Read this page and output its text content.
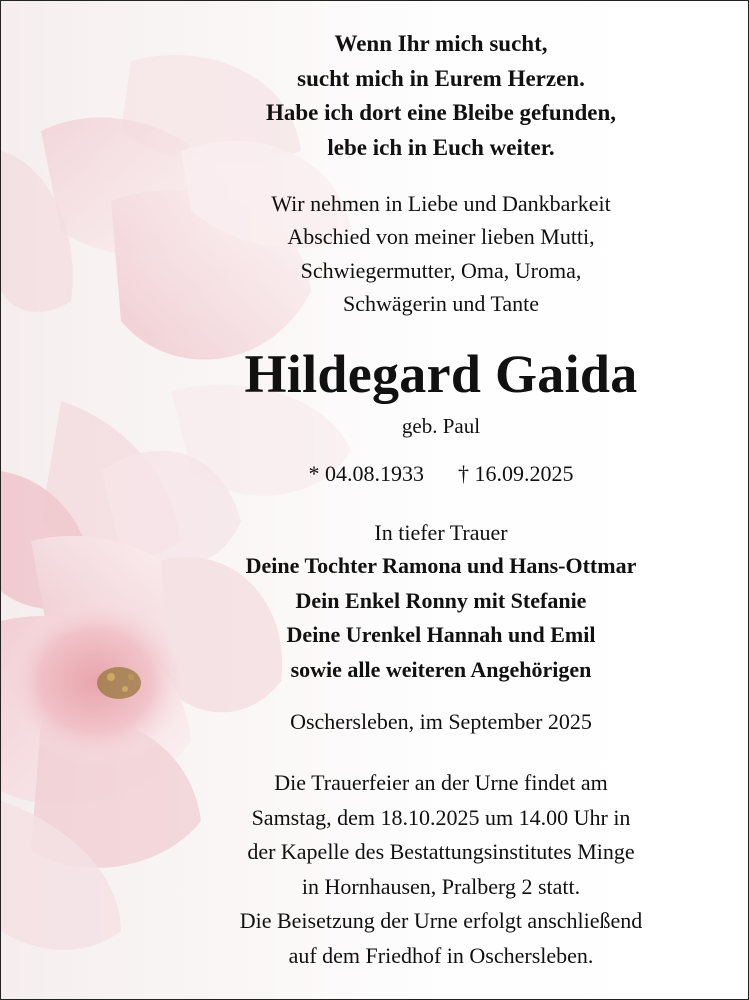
Wenn Ihr mich sucht,
sucht mich in Eurem Herzen.
Habe ich dort eine Bleibe gefunden,
lebe ich in Euch weiter.
Wir nehmen in Liebe und Dankbarkeit
Abschied von meiner lieben Mutti,
Schwiegermutter, Oma, Uroma,
Schwägerin und Tante
Hildegard Gaida
geb. Paul
* 04.08.1933 † 16.09.2025
In tiefer Trauer
Deine Tochter Ramona und Hans-Ottmar
Dein Enkel Ronny mit Stefanie
Deine Urenkel Hannah und Emil
sowie alle weiteren Angehörigen
Oschersleben, im September 2025
Die Trauerfeier an der Urne findet am
Samstag, dem 18.10.2025 um 14.00 Uhr in
der Kapelle des Bestattungsinstitutes Minge
in Hornhausen, Pralberg 2 statt.
Die Beisetzung der Urne erfolgt anschließend
auf dem Friedhof in Oschersleben.
